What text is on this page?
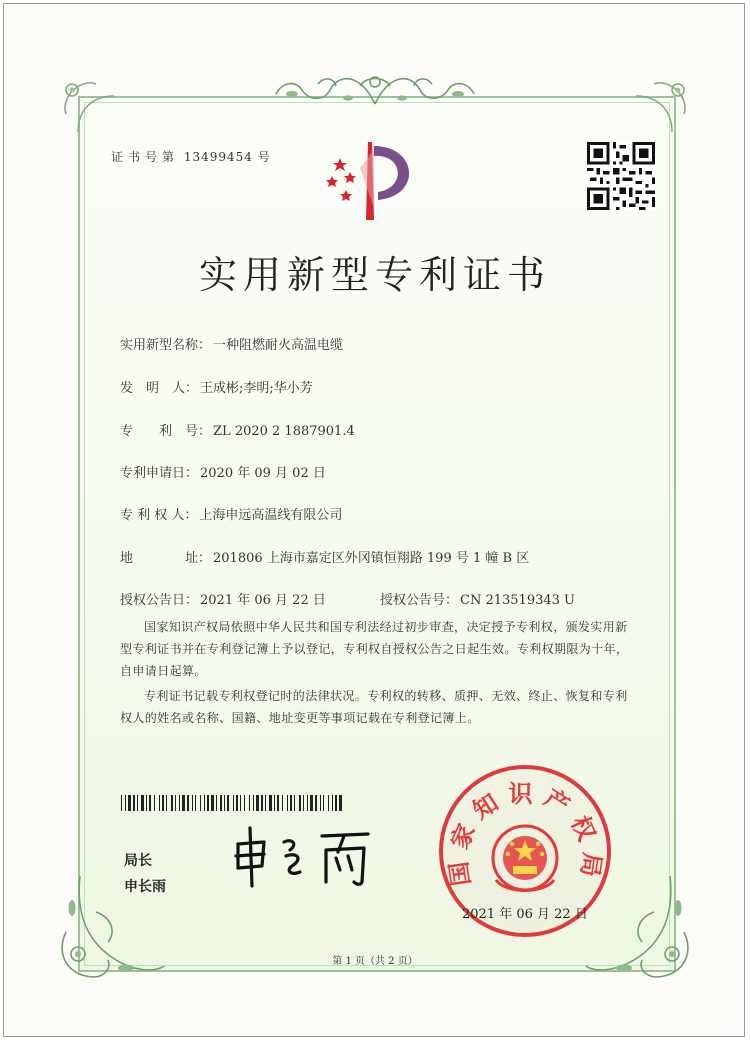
证书号第 13499454 号
实用新型专利证书
实用新型名称： 一种阻燃耐火高温电缆
发　明　人： 王成彬;李明;华小芳
专　　利　号： ZL 2020 2 1887901.4
专利申请日： 2020 年 09 月 02 日
专 利 权 人： 上海申远高温线有限公司
地　　　　址： 201806 上海市嘉定区外冈镇恒翔路 199 号 1 幢 B 区
授权公告日： 2021 年 06 月 22 日	授权公告号： CN 213519343 U

国家知识产权局依照中华人民共和国专利法经过初步审查，决定授予专利权，颁发实用新型专利证书并在专利登记簿上予以登记，专利权自授权公告之日起生效。专利权期限为十年，自申请日起算。

专利证书记载专利权登记时的法律状况。专利权的转移、质押、无效、终止、恢复和专利权人的姓名或名称、国籍、地址变更等事项记载在专利登记簿上。

局长
申长雨	国家知识产权局
2021 年 06 月 22 日
第 1 页（共 2 页）
